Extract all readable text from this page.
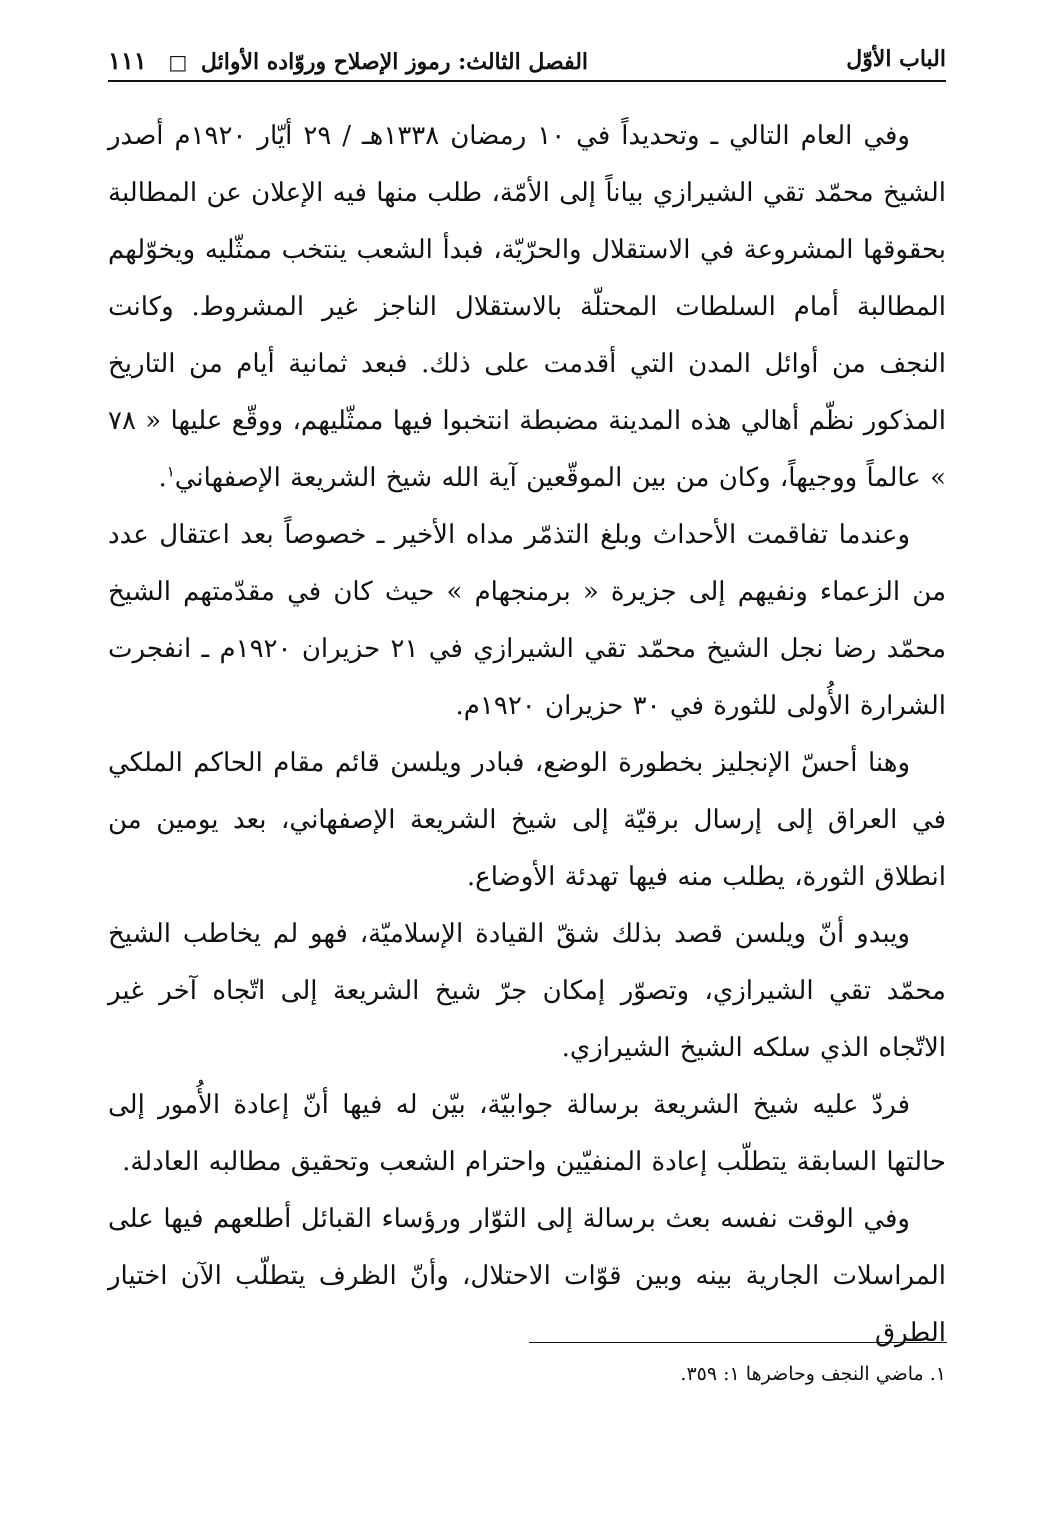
الباب الأوّل
الفصل الثالث: رموز الإصلاح وروّاده الأوائل □ ١١١

وفي العام التالي ـ وتحديداً في ١٠ رمضان ١٣٣٨هـ / ٢٩ أيّار ١٩٢٠م أصدر الشيخ محمّد تقي الشيرازي بياناً إلى الأمّة، طلب منها فيه الإعلان عن المطالبة بحقوقها المشروعة في الاستقلال والحرّيّة، فبدأ الشعب ينتخب ممثّليه ويخوّلهم المطالبة أمام السلطات المحتلّة بالاستقلال الناجز غير المشروط. وكانت النجف من أوائل المدن التي أقدمت على ذلك. فبعد ثمانية أيام من التاريخ المذكور نظّم أهالي هذه المدينة مضبطة انتخبوا فيها ممثّليهم، ووقّع عليها « ٧٨ » عالماً ووجيهاً، وكان من بين الموقّعين آية الله شيخ الشريعة الإصفهاني$^١$.

وعندما تفاقمت الأحداث وبلغ التذمّر مداه الأخير ـ خصوصاً بعد اعتقال عدد من الزعماء ونفيهم إلى جزيرة « برمنجهام » حيث كان في مقدّمتهم الشيخ محمّد رضا نجل الشيخ محمّد تقي الشيرازي في ٢١ حزيران ١٩٢٠م ـ انفجرت الشرارة الأُولى للثورة في ٣٠ حزيران ١٩٢٠م.

وهنا أحسّ الإنجليز بخطورة الوضع، فبادر ويلسن قائم مقام الحاكم الملكي في العراق إلى إرسال برقيّة إلى شيخ الشريعة الإصفهاني، بعد يومين من انطلاق الثورة، يطلب منه فيها تهدئة الأوضاع.

ويبدو أنّ ويلسن قصد بذلك شقّ القيادة الإسلاميّة، فهو لم يخاطب الشيخ محمّد تقي الشيرازي، وتصوّر إمكان جرّ شيخ الشريعة إلى اتّجاه آخر غير الاتّجاه الذي سلكه الشيخ الشيرازي.

فردّ عليه شيخ الشريعة برسالة جوابيّة، بيّن له فيها أنّ إعادة الأُمور إلى حالتها السابقة يتطلّب إعادة المنفيّين واحترام الشعب وتحقيق مطالبه العادلة.

وفي الوقت نفسه بعث برسالة إلى الثوّار ورؤساء القبائل أطلعهم فيها على المراسلات الجارية بينه وبين قوّات الاحتلال، وأنّ الظرف يتطلّب الآن اختيار الطرق

١. ماضي النجف وحاضرها ١: ٣٥٩.
